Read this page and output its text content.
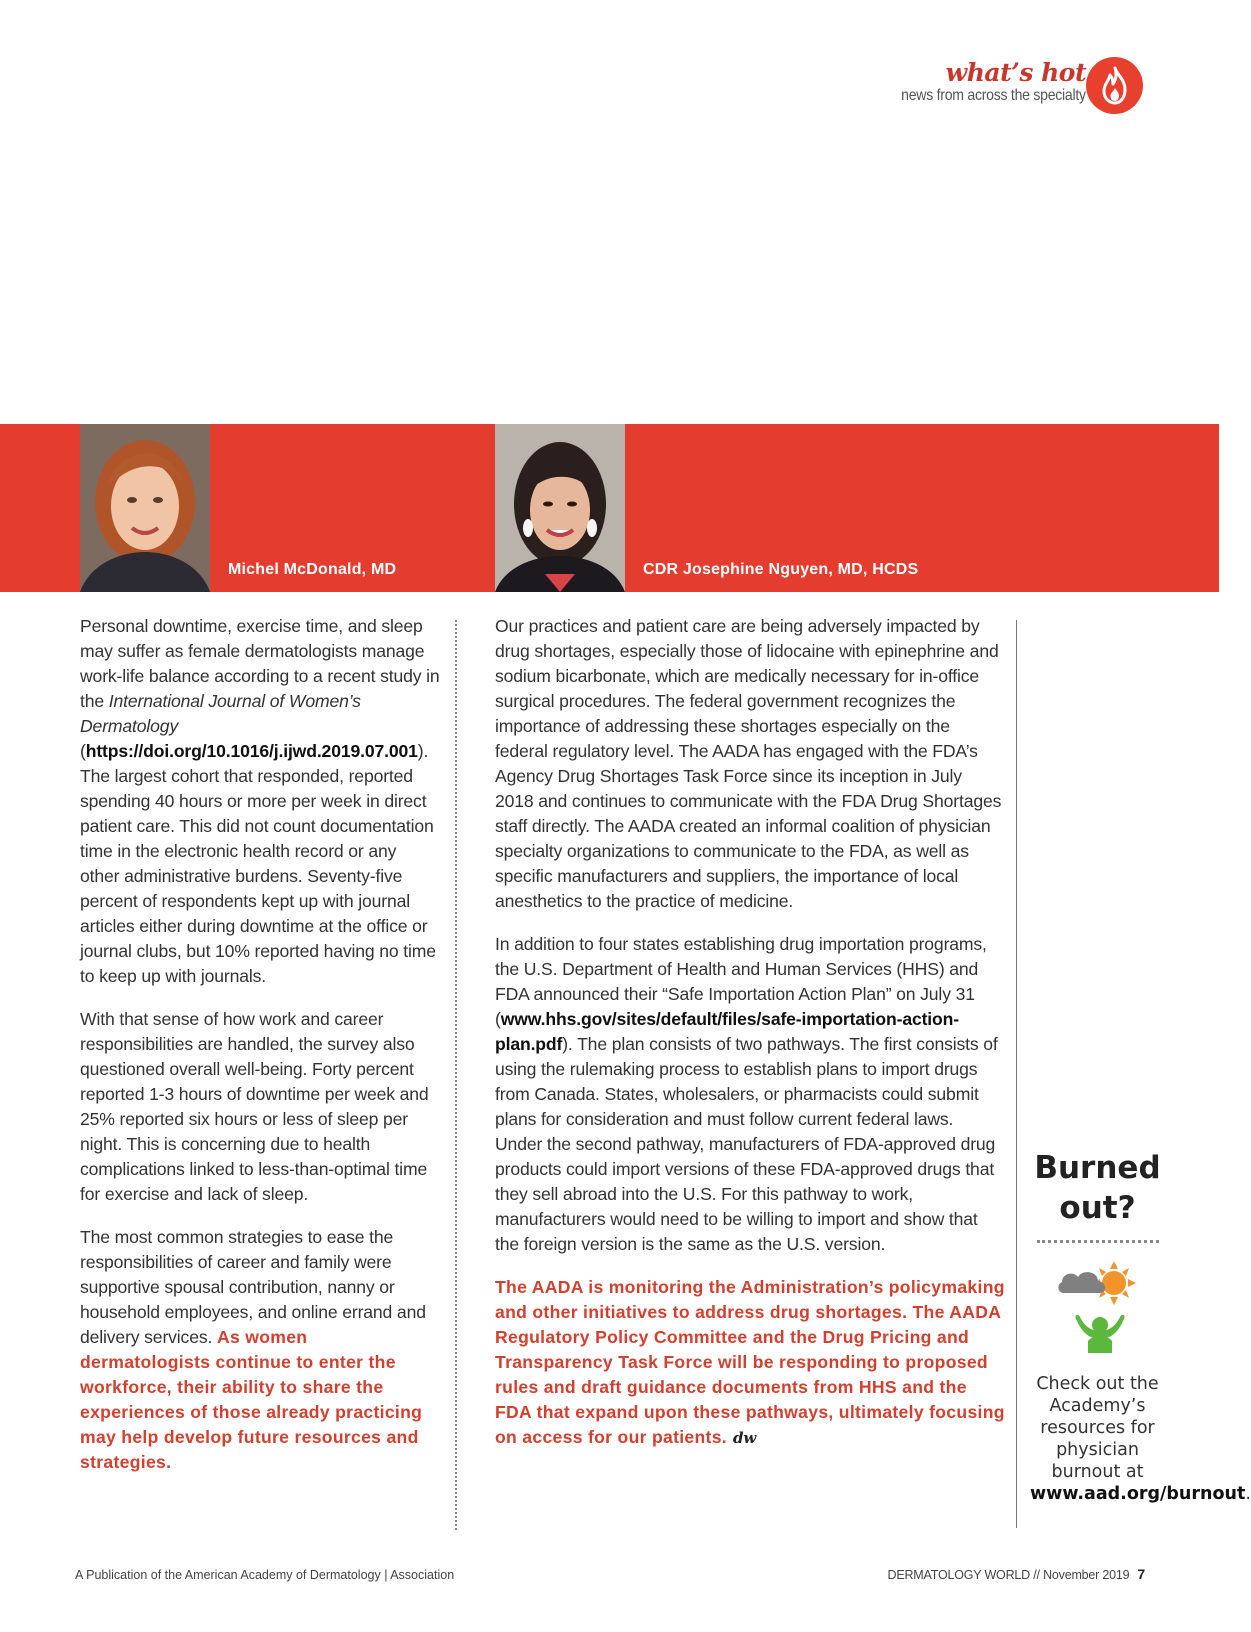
what’s hot
news from across the specialty
Michel McDonald, MD	CDR Josephine Nguyen, MD, HCDS

Personal downtime, exercise time, and sleep may suffer as female dermatologists manage work-life balance according to a recent study in the International Journal of Women’s Dermatology (https://doi.org/10.1016/j.ijwd.2019.07.001). The largest cohort that responded, reported spending 40 hours or more per week in direct patient care. This did not count documentation time in the electronic health record or any other administrative burdens. Seventy-five percent of respondents kept up with journal articles either during downtime at the office or journal clubs, but 10% reported having no time to keep up with journals.

With that sense of how work and career responsibilities are handled, the survey also questioned overall well-being. Forty percent reported 1-3 hours of downtime per week and 25% reported six hours or less of sleep per night. This is concerning due to health complications linked to less-than-optimal time for exercise and lack of sleep.

The most common strategies to ease the responsibilities of career and family were supportive spousal contribution, nanny or household employees, and online errand and delivery services. As women dermatologists continue to enter the workforce, their ability to share the experiences of those already practicing may help develop future resources and strategies.

Our practices and patient care are being adversely impacted by drug shortages, especially those of lidocaine with epinephrine and sodium bicarbonate, which are medically necessary for in-office surgical procedures. The federal government recognizes the importance of addressing these shortages especially on the federal regulatory level. The AADA has engaged with the FDA’s Agency Drug Shortages Task Force since its inception in July 2018 and continues to communicate with the FDA Drug Shortages staff directly. The AADA created an informal coalition of physician specialty organizations to communicate to the FDA, as well as specific manufacturers and suppliers, the importance of local anesthetics to the practice of medicine.

In addition to four states establishing drug importation programs, the U.S. Department of Health and Human Services (HHS) and FDA announced their “Safe Importation Action Plan” on July 31 (www.hhs.gov/sites/default/files/safe-importation-action-plan.pdf). The plan consists of two pathways. The first consists of using the rulemaking process to establish plans to import drugs from Canada. States, wholesalers, or pharmacists could submit plans for consideration and must follow current federal laws. Under the second pathway, manufacturers of FDA-approved drug products could import versions of these FDA-approved drugs that they sell abroad into the U.S. For this pathway to work, manufacturers would need to be willing to import and show that the foreign version is the same as the U.S. version.

The AADA is monitoring the Administration’s policymaking and other initiatives to address drug shortages. The AADA Regulatory Policy Committee and the Drug Pricing and Transparency Task Force will be responding to proposed rules and draft guidance documents from HHS and the FDA that expand upon these pathways, ultimately focusing on access for our patients. dw

Burned out?
Check out the Academy’s resources for physician burnout at www.aad.org/burnout.
A Publication of the American Academy of Dermatology | Association	DERMATOLOGY WORLD // November 2019 7
